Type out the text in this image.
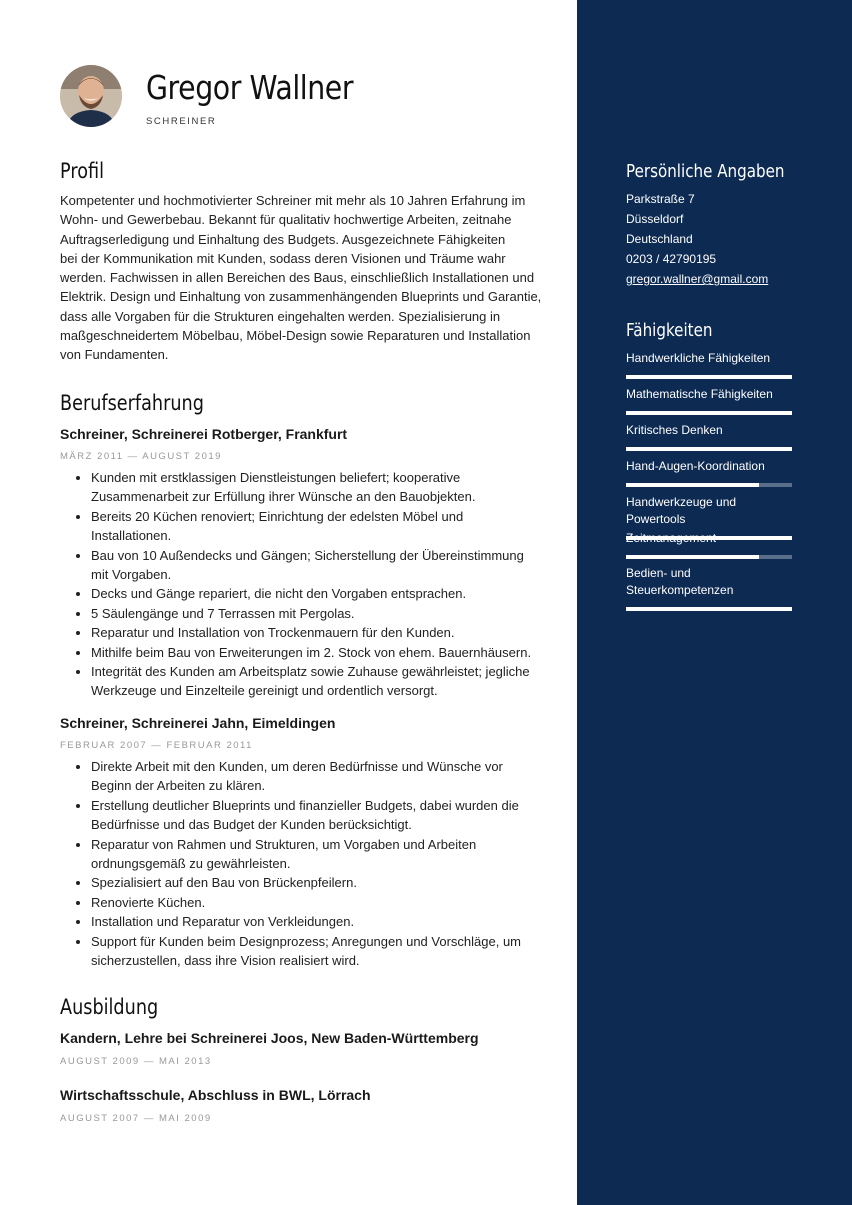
Gregor Wallner
SCHREINER
Profil
Kompetenter und hochmotivierter Schreiner mit mehr als 10 Jahren Erfahrung im
Wohn- und Gewerbebau. Bekannt für qualitativ hochwertige Arbeiten, zeitnahe
Auftragserledigung und Einhaltung des Budgets. Ausgezeichnete Fähigkeiten
bei der Kommunikation mit Kunden, sodass deren Visionen und Träume wahr
werden. Fachwissen in allen Bereichen des Baus, einschließlich Installationen und
Elektrik. Design und Einhaltung von zusammenhängenden Blueprints und Garantie,
dass alle Vorgaben für die Strukturen eingehalten werden. Spezialisierung in
maßgeschneidertem Möbelbau, Möbel-Design sowie Reparaturen und Installation
von Fundamenten.
Berufserfahrung
Schreiner, Schreinerei Rotberger, Frankfurt
MÄRZ 2011 — AUGUST 2019
• Kunden mit erstklassigen Dienstleistungen beliefert; kooperative Zusammenarbeit zur Erfüllung ihrer Wünsche an den Bauobjekten.
• Bereits 20 Küchen renoviert; Einrichtung der edelsten Möbel und Installationen.
• Bau von 10 Außendecks und Gängen; Sicherstellung der Übereinstimmung mit Vorgaben.
• Decks und Gänge repariert, die nicht den Vorgaben entsprachen.
• 5 Säulengänge und 7 Terrassen mit Pergolas.
• Reparatur und Installation von Trockenmauern für den Kunden.
• Mithilfe beim Bau von Erweiterungen im 2. Stock von ehem. Bauernhäusern.
• Integrität des Kunden am Arbeitsplatz sowie Zuhause gewährleistet; jegliche Werkzeuge und Einzelteile gereinigt und ordentlich versorgt.
Schreiner, Schreinerei Jahn, Eimeldingen
FEBRUAR 2007 — FEBRUAR 2011
• Direkte Arbeit mit den Kunden, um deren Bedürfnisse und Wünsche vor Beginn der Arbeiten zu klären.
• Erstellung deutlicher Blueprints und finanzieller Budgets, dabei wurden die Bedürfnisse und das Budget der Kunden berücksichtigt.
• Reparatur von Rahmen und Strukturen, um Vorgaben und Arbeiten ordnungsgemäß zu gewährleisten.
• Spezialisiert auf den Bau von Brückenpfeilern.
• Renovierte Küchen.
• Installation und Reparatur von Verkleidungen.
• Support für Kunden beim Designprozess; Anregungen und Vorschläge, um sicherzustellen, dass ihre Vision realisiert wird.
Ausbildung
Kandern, Lehre bei Schreinerei Joos, New Baden-Württemberg
AUGUST 2009 — MAI 2013
Wirtschaftsschule, Abschluss in BWL, Lörrach
AUGUST 2007 — MAI 2009
Persönliche Angaben
Parkstraße 7
Düsseldorf
Deutschland
0203 / 42790195
gregor.wallner@gmail.com
Fähigkeiten
Handwerkliche Fähigkeiten
Mathematische Fähigkeiten
Kritisches Denken
Hand-Augen-Koordination
Handwerkzeuge und Powertools
Zeitmanagement
Bedien- und Steuerkompetenzen
